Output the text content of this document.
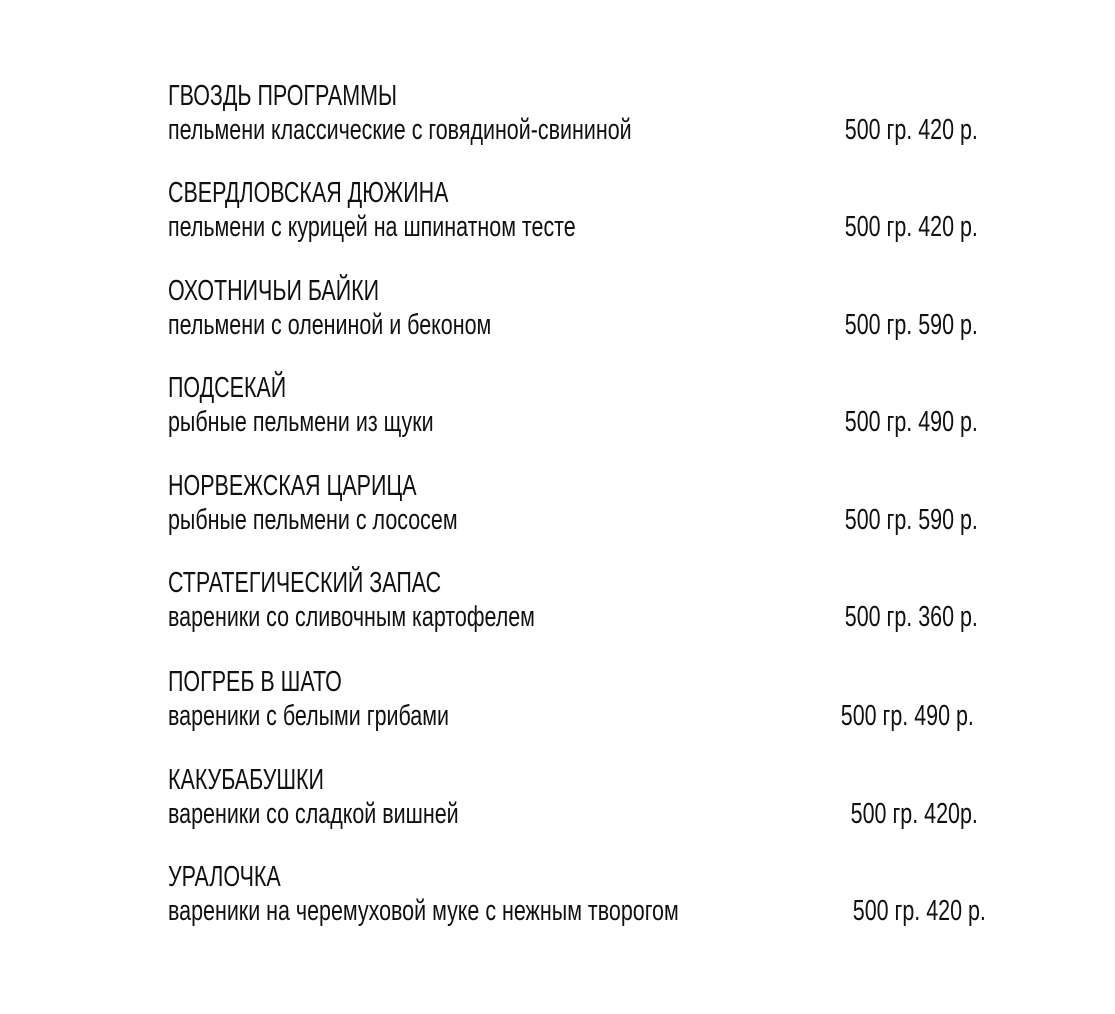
ГВОЗДЬ ПРОГРАММЫ
пельмени классические с говядиной-свининой	500 гр. 420 р.
СВЕРДЛОВСКАЯ ДЮЖИНА
пельмени с курицей на шпинатном тесте	500 гр. 420 р.
ОХОТНИЧЬИ БАЙКИ
пельмени с олениной и беконом	500 гр. 590 р.
ПОДСЕКАЙ
рыбные пельмени из щуки	500 гр. 490 р.
НОРВЕЖСКАЯ ЦАРИЦА
рыбные пельмени с лососем	500 гр. 590 р.
СТРАТЕГИЧЕСКИЙ ЗАПАС
вареники со сливочным картофелем	500 гр. 360 р.
ПОГРЕБ В ШАТО
вареники с белыми грибами	500 гр. 490 р.
КАКУБАБУШКИ
вареники со сладкой вишней	500 гр. 420р.
УРАЛОЧКА
вареники на черемуховой муке с нежным творогом	500 гр. 420 р.
